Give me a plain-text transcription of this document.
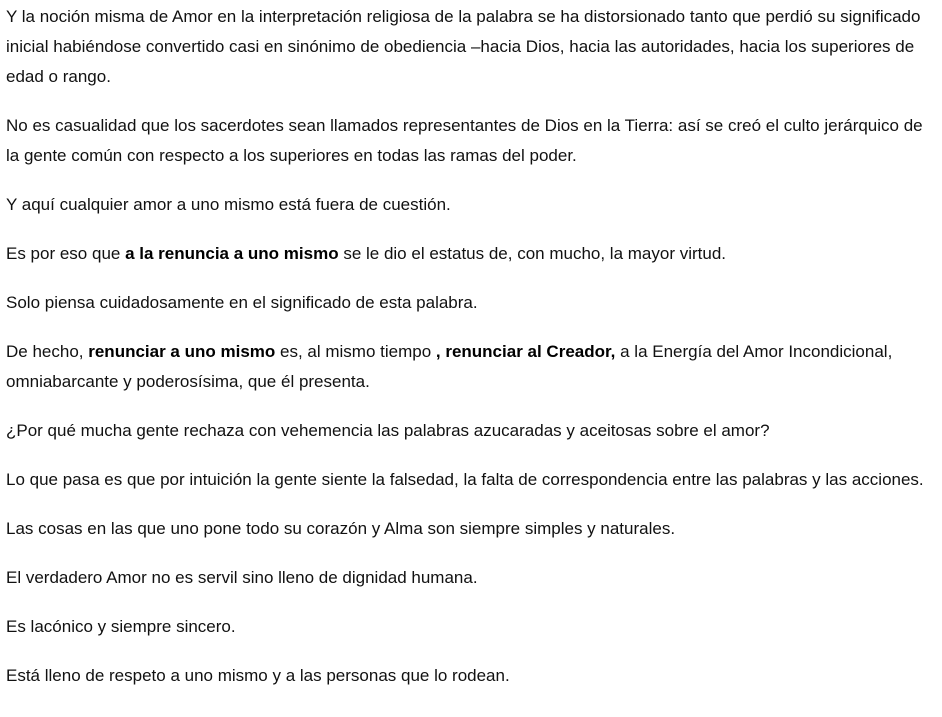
Y la noción misma de Amor en la interpretación religiosa de la palabra se ha distorsionado tanto que perdió su significado inicial habiéndose convertido casi en sinónimo de obediencia –hacia Dios, hacia las autoridades, hacia los superiores de edad o rango.

No es casualidad que los sacerdotes sean llamados representantes de Dios en la Tierra: así se creó el culto jerárquico de la gente común con respecto a los superiores en todas las ramas del poder.

Y aquí cualquier amor a uno mismo está fuera de cuestión.

Es por eso que a la renuncia a uno mismo se le dio el estatus de, con mucho, la mayor virtud.

Solo piensa cuidadosamente en el significado de esta palabra.

De hecho, renunciar a uno mismo es, al mismo tiempo , renunciar al Creador, a la Energía del Amor Incondicional, omniabarcante y poderosísima, que él presenta.

¿Por qué mucha gente rechaza con vehemencia las palabras azucaradas y aceitosas sobre el amor?

Lo que pasa es que por intuición la gente siente la falsedad, la falta de correspondencia entre las palabras y las acciones.

Las cosas en las que uno pone todo su corazón y Alma son siempre simples y naturales.

El verdadero Amor no es servil sino lleno de dignidad humana.

Es lacónico y siempre sincero.

Está lleno de respeto a uno mismo y a las personas que lo rodean.
